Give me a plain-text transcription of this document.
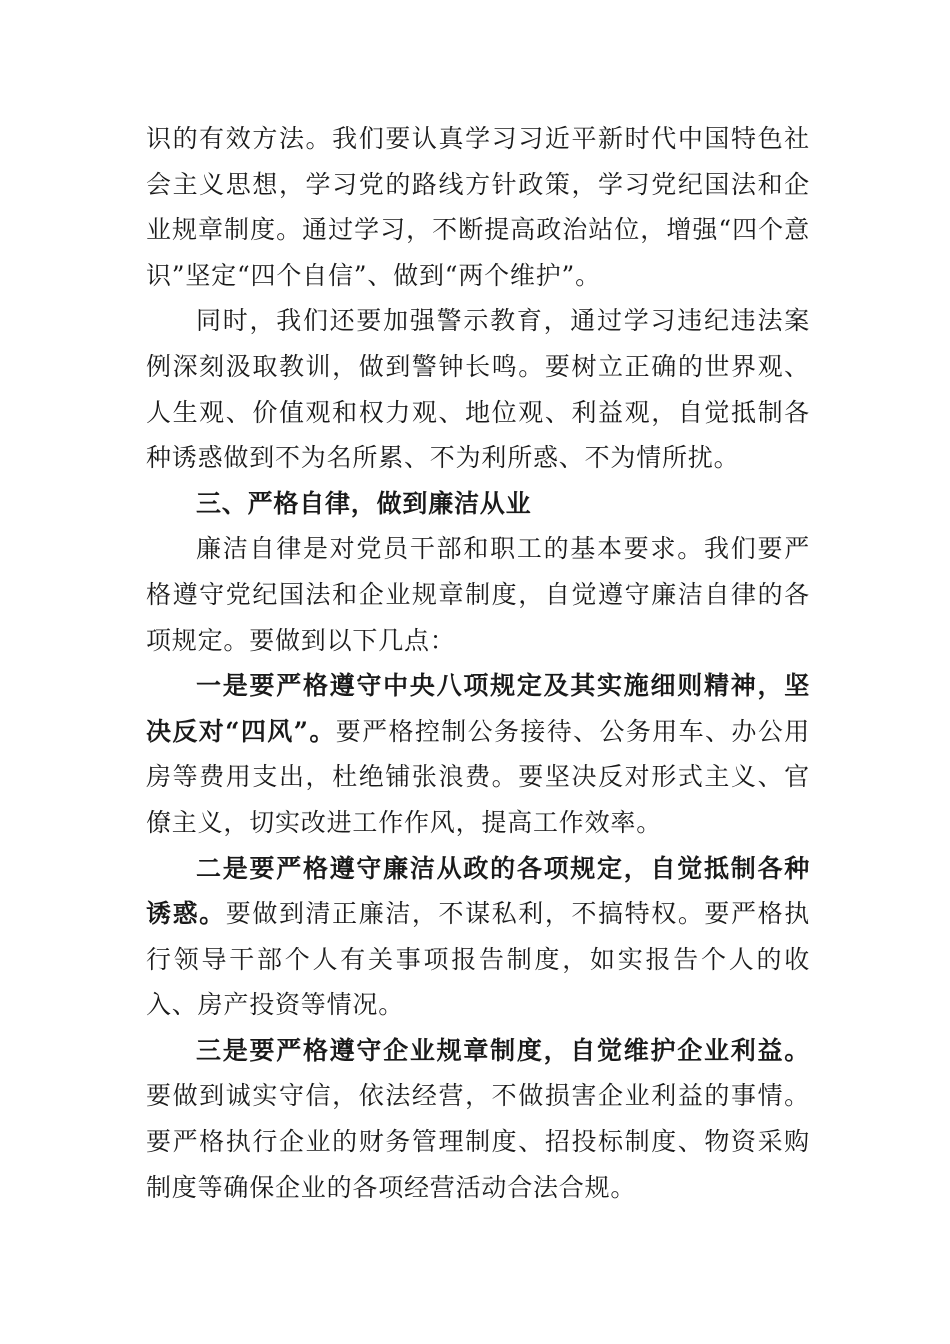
识的有效方法。我们要认真学习习近平新时代中国特色社会主义思想，学习党的路线方针政策，学习党纪国法和企业规章制度。通过学习，不断提高政治站位，增强“四个意识”坚定“四个自信”、做到“两个维护”。

同时，我们还要加强警示教育，通过学习违纪违法案例深刻汲取教训，做到警钟长鸣。要树立正确的世界观、人生观、价值观和权力观、地位观、利益观，自觉抵制各种诱惑做到不为名所累、不为利所惑、不为情所扰。

三、严格自律，做到廉洁从业

廉洁自律是对党员干部和职工的基本要求。我们要严格遵守党纪国法和企业规章制度，自觉遵守廉洁自律的各项规定。要做到以下几点：

一是要严格遵守中央八项规定及其实施细则精神，坚决反对“四风”。要严格控制公务接待、公务用车、办公用房等费用支出，杜绝铺张浪费。要坚决反对形式主义、官僚主义，切实改进工作作风，提高工作效率。

二是要严格遵守廉洁从政的各项规定，自觉抵制各种诱惑。要做到清正廉洁，不谋私利，不搞特权。要严格执行领导干部个人有关事项报告制度，如实报告个人的收入、房产投资等情况。

三是要严格遵守企业规章制度，自觉维护企业利益。要做到诚实守信，依法经营，不做损害企业利益的事情。要严格执行企业的财务管理制度、招投标制度、物资采购制度等确保企业的各项经营活动合法合规。
